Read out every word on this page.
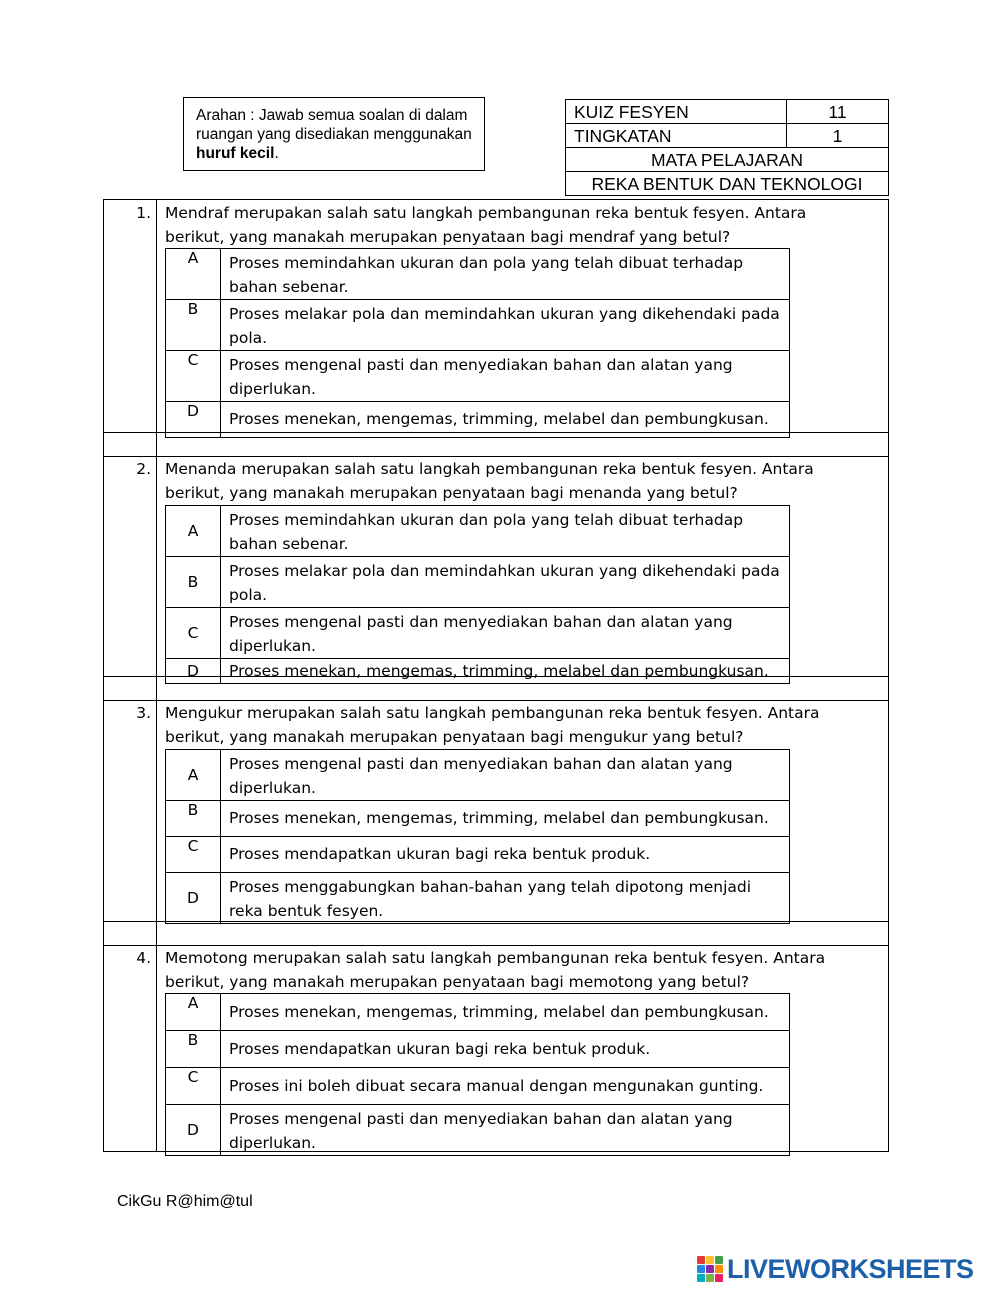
Arahan : Jawab semua soalan di dalam ruangan yang disediakan menggunakan huruf kecil.
KUIZ FESYEN	11
TINGKATAN	1
MATA PELAJARAN	
REKA BENTUK DAN TEKNOLOGI	
1. Mendraf merupakan salah satu langkah pembangunan reka bentuk fesyen. Antara berikut, yang manakah merupakan penyataan bagi mendraf yang betul?
A	Proses memindahkan ukuran dan pola yang telah dibuat terhadap bahan sebenar.
B	Proses melakar pola dan memindahkan ukuran yang dikehendaki pada pola.
C	Proses mengenal pasti dan menyediakan bahan dan alatan yang diperlukan.
D	Proses menekan, mengemas, trimming, melabel dan pembungkusan.
2. Menanda merupakan salah satu langkah pembangunan reka bentuk fesyen. Antara berikut, yang manakah merupakan penyataan bagi menanda yang betul?
A	Proses memindahkan ukuran dan pola yang telah dibuat terhadap bahan sebenar.
B	Proses melakar pola dan memindahkan ukuran yang dikehendaki pada pola.
C	Proses mengenal pasti dan menyediakan bahan dan alatan yang diperlukan.
D	Proses menekan, mengemas, trimming, melabel dan pembungkusan.
3. Mengukur merupakan salah satu langkah pembangunan reka bentuk fesyen. Antara berikut, yang manakah merupakan penyataan bagi mengukur yang betul?
A	Proses mengenal pasti dan menyediakan bahan dan alatan yang diperlukan.
B	Proses menekan, mengemas, trimming, melabel dan pembungkusan.
C	Proses mendapatkan ukuran bagi reka bentuk produk.
D	Proses menggabungkan bahan-bahan yang telah dipotong menjadi reka bentuk fesyen.
4. Memotong merupakan salah satu langkah pembangunan reka bentuk fesyen. Antara berikut, yang manakah merupakan penyataan bagi memotong yang betul?
A	Proses menekan, mengemas, trimming, melabel dan pembungkusan.
B	Proses mendapatkan ukuran bagi reka bentuk produk.
C	Proses ini boleh dibuat secara manual dengan mengunakan gunting.
D	Proses mengenal pasti dan menyediakan bahan dan alatan yang diperlukan.
CikGu R@him@tul
LIVEWORKSHEETS
